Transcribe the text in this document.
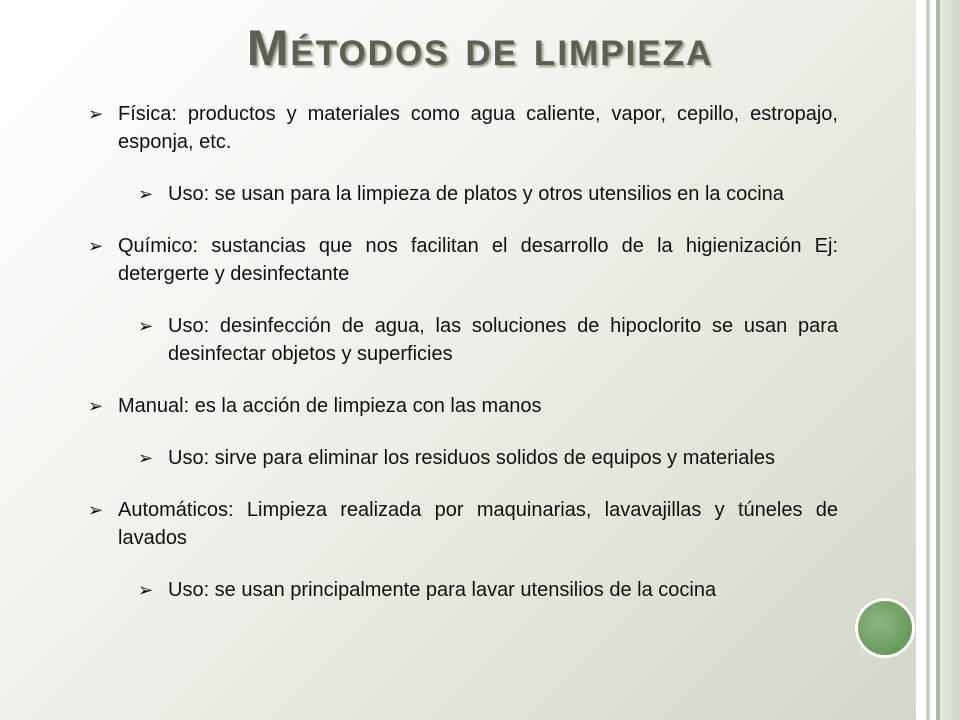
Métodos de limpieza
➢ Física: productos y materiales como agua caliente, vapor, cepillo, estropajo, esponja, etc.
➢ Uso: se usan para la limpieza de platos y otros utensilios en la cocina
➢ Químico: sustancias que nos facilitan el desarrollo de la higienización Ej: detergerte y desinfectante
➢ Uso: desinfección de agua, las soluciones de hipoclorito se usan para desinfectar objetos y superficies
➢ Manual: es la acción de limpieza con las manos
➢ Uso: sirve para eliminar los residuos solidos de equipos y materiales
➢ Automáticos: Limpieza realizada por maquinarias, lavavajillas y túneles de lavados
➢ Uso: se usan principalmente para lavar utensilios de la cocina
